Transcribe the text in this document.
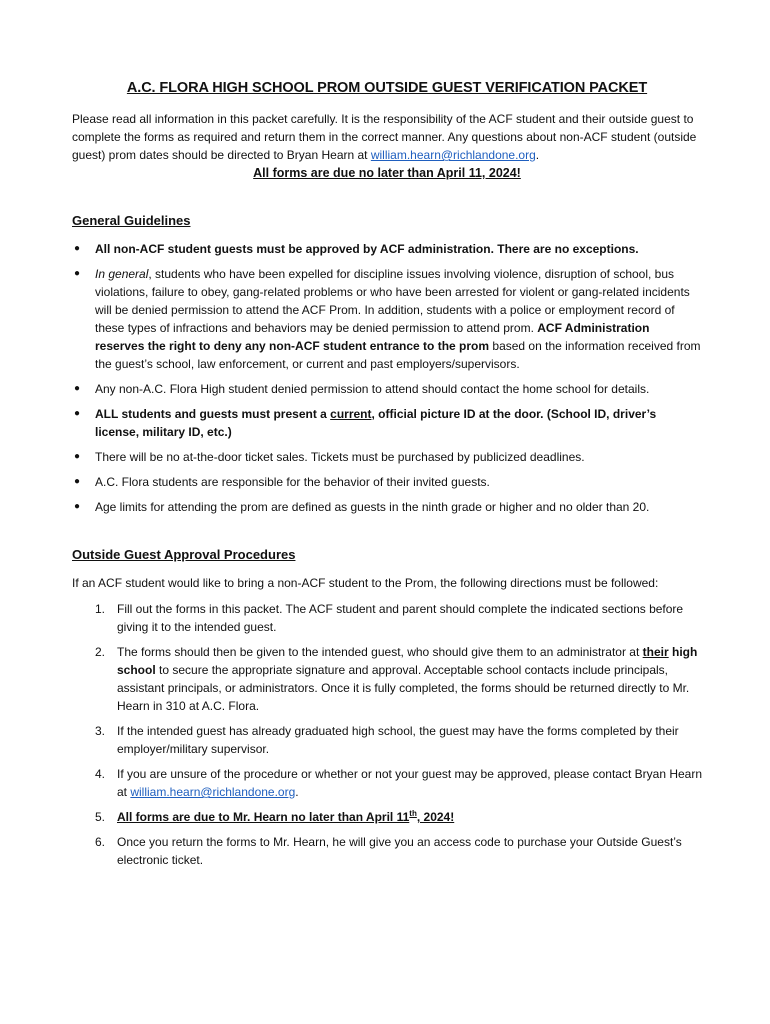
A.C. FLORA HIGH SCHOOL PROM OUTSIDE GUEST VERIFICATION PACKET

Please read all information in this packet carefully. It is the responsibility of the ACF student and their outside guest to complete the forms as required and return them in the correct manner. Any questions about non-ACF student (outside guest) prom dates should be directed to Bryan Hearn at william.hearn@richlandone.org.

All forms are due no later than April 11, 2024!

General Guidelines
● All non-ACF student guests must be approved by ACF administration. There are no exceptions.
● In general, students who have been expelled for discipline issues involving violence, disruption of school, bus violations, failure to obey, gang-related problems or who have been arrested for violent or gang-related incidents will be denied permission to attend the ACF Prom. In addition, students with a police or employment record of these types of infractions and behaviors may be denied permission to attend prom. ACF Administration reserves the right to deny any non-ACF student entrance to the prom based on the information received from the guest’s school, law enforcement, or current and past employers/supervisors.
● Any non-A.C. Flora High student denied permission to attend should contact the home school for details.
● ALL students and guests must present a current, official picture ID at the door. (School ID, driver’s license, military ID, etc.)
● There will be no at-the-door ticket sales. Tickets must be purchased by publicized deadlines.
● A.C. Flora students are responsible for the behavior of their invited guests.
● Age limits for attending the prom are defined as guests in the ninth grade or higher and no older than 20.
Outside Guest Approval Procedures

If an ACF student would like to bring a non-ACF student to the Prom, the following directions must be followed:

1. Fill out the forms in this packet. The ACF student and parent should complete the indicated sections before giving it to the intended guest.
2. The forms should then be given to the intended guest, who should give them to an administrator at their high school to secure the appropriate signature and approval. Acceptable school contacts include principals, assistant principals, or administrators. Once it is fully completed, the forms should be returned directly to Mr. Hearn in 310 at A.C. Flora.
3. If the intended guest has already graduated high school, the guest may have the forms completed by their employer/military supervisor.
4. If you are unsure of the procedure or whether or not your guest may be approved, please contact Bryan Hearn at william.hearn@richlandone.org.
5. All forms are due to Mr. Hearn no later than April 11th, 2024!
6. Once you return the forms to Mr. Hearn, he will give you an access code to purchase your Outside Guest’s electronic ticket.
